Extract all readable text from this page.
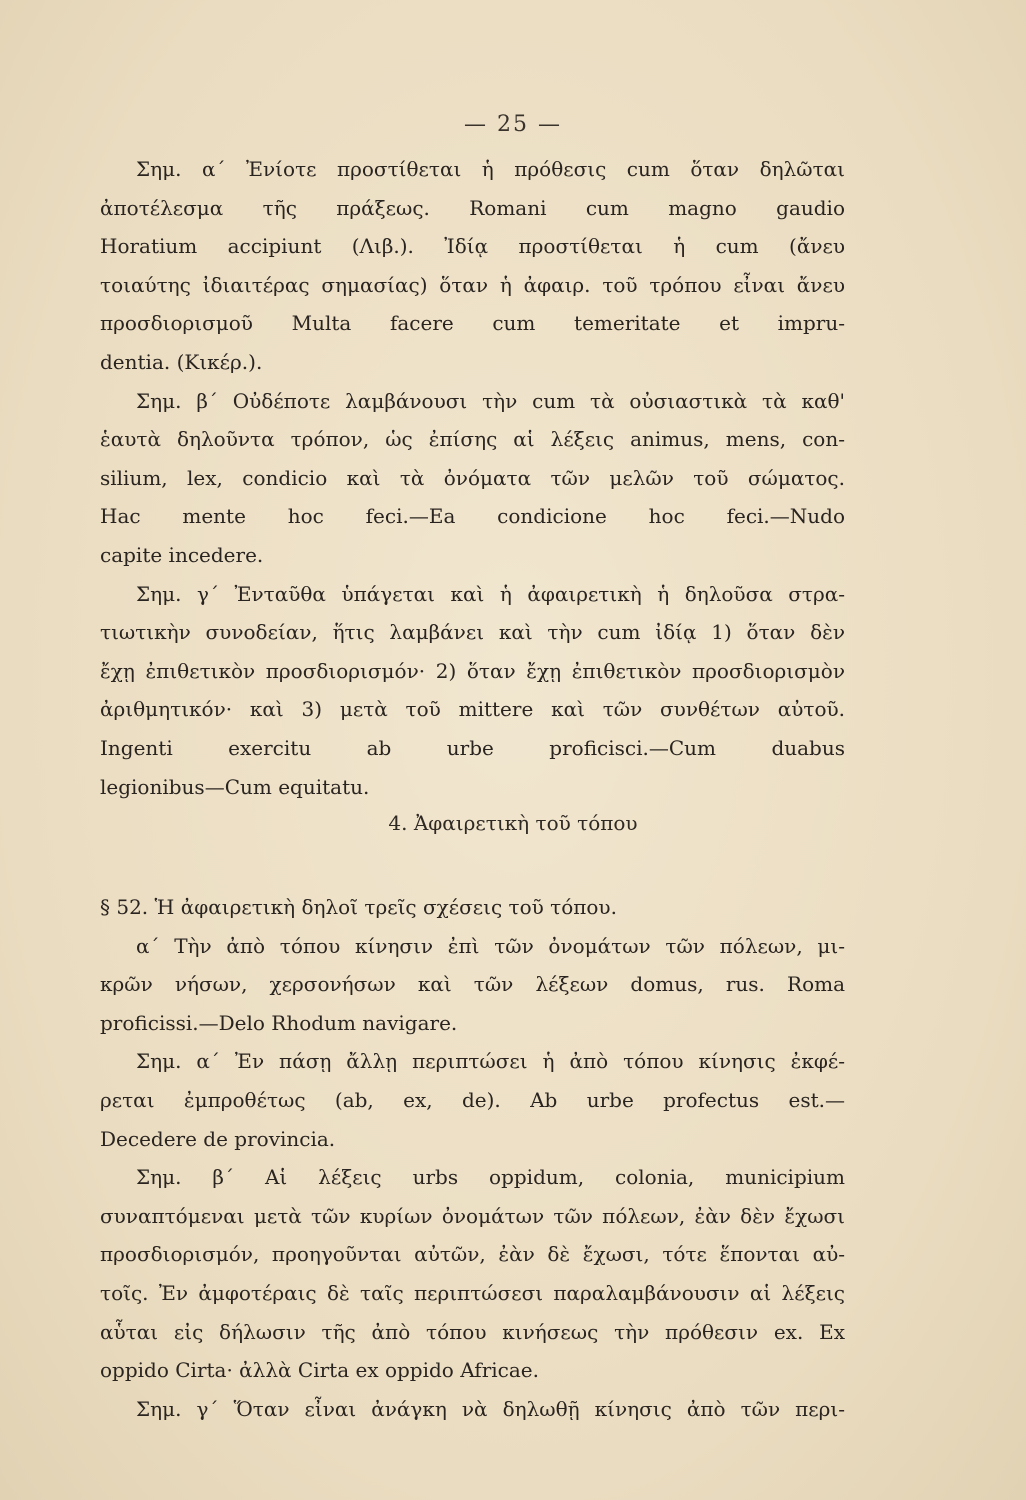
— 25 —
Σημ. α΄ Ἐνίοτε προστίθεται ἡ πρόθεσις cum ὅταν δηλῶται
ἀποτέλεσμα τῆς πράξεως. Romani cum magno gaudio
Horatium accipiunt (Λιβ.). Ἰδίᾳ προστίθεται ἡ cum (ἄνευ
τοιαύτης ἰδιαιτέρας σημασίας) ὅταν ἡ ἀφαιρ. τοῦ τρόπου εἶναι ἄνευ
προσδιορισμοῦ Multa facere cum temeritate et impru-
dentia. (Κικέρ.).
Σημ. β΄ Οὐδέποτε λαμβάνουσι τὴν cum τὰ οὐσιαστικὰ τὰ καθ'
ἑαυτὰ δηλοῦντα τρόπον, ὡς ἐπίσης αἱ λέξεις animus, mens, con-
silium, lex, condicio καὶ τὰ ὀνόματα τῶν μελῶν τοῦ σώματος.
Hac mente hoc feci.—Ea condicione hoc feci.—Nudo
capite incedere.
Σημ. γ΄ Ἐνταῦθα ὑπάγεται καὶ ἡ ἀφαιρετικὴ ἡ δηλοῦσα στρα-
τιωτικὴν συνοδείαν, ἥτις λαμβάνει καὶ τὴν cum ἰδίᾳ 1) ὅταν δὲν
ἔχῃ ἐπιθετικὸν προσδιορισμόν· 2) ὅταν ἔχῃ ἐπιθετικὸν προσδιορισμὸν
ἀριθμητικόν· καὶ 3) μετὰ τοῦ mittere καὶ τῶν συνθέτων αὐτοῦ.
Ingenti exercitu ab urbe proficisci.—Cum duabus
legionibus—Cum equitatu.
4. Ἀφαιρετικὴ τοῦ τόπου
§ 52. Ἡ ἀφαιρετικὴ δηλοῖ τρεῖς σχέσεις τοῦ τόπου.
α΄ Τὴν ἀπὸ τόπου κίνησιν ἐπὶ τῶν ὀνομάτων τῶν πόλεων, μι-
κρῶν νήσων, χερσονήσων καὶ τῶν λέξεων domus, rus. Roma
proficissi.—Delo Rhodum navigare.
Σημ. α΄ Ἐν πάσῃ ἄλλῃ περιπτώσει ἡ ἀπὸ τόπου κίνησις ἐκφέ-
ρεται ἐμπροθέτως (ab, ex, de). Ab urbe profectus est.—
Decedere de provincia.
Σημ. β΄ Αἱ λέξεις urbs oppidum, colonia, municipium
συναπτόμεναι μετὰ τῶν κυρίων ὀνομάτων τῶν πόλεων, ἐὰν δὲν ἔχωσι
προσδιορισμόν, προηγοῦνται αὐτῶν, ἐὰν δὲ ἔχωσι, τότε ἕπονται αὐ-
τοῖς. Ἐν ἀμφοτέραις δὲ ταῖς περιπτώσεσι παραλαμβάνουσιν αἱ λέξεις
αὗται εἰς δήλωσιν τῆς ἀπὸ τόπου κινήσεως τὴν πρόθεσιν ex. Ex
oppido Cirta· ἀλλὰ Cirta ex oppido Africae.
Σημ. γ΄ Ὅταν εἶναι ἀνάγκη νὰ δηλωθῇ κίνησις ἀπὸ τῶν περι-
